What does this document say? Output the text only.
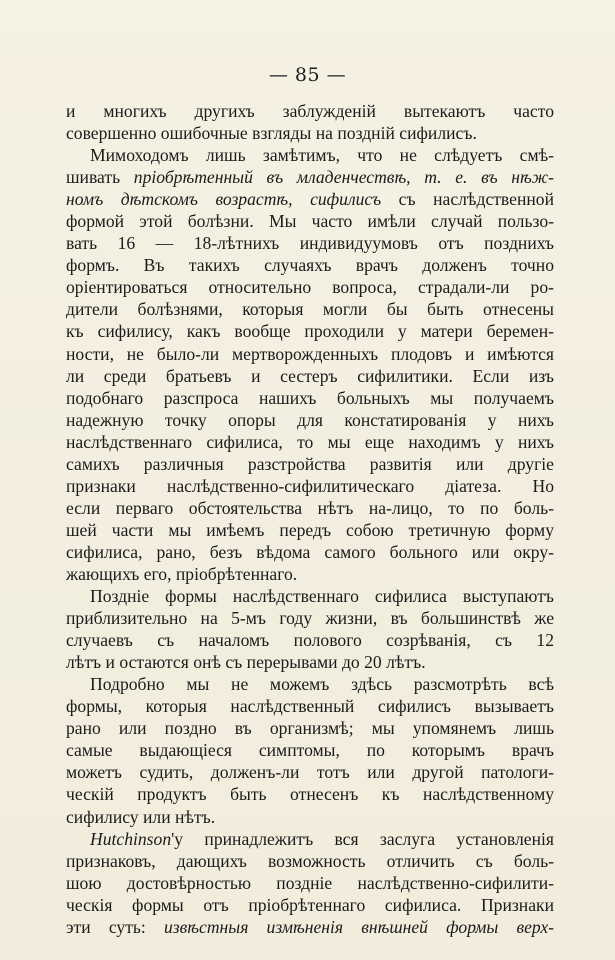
— 85 —
и многихъ другихъ заблужденiй вытекаютъ часто
совершенно ошибочные взгляды на поздній сифилисъ.
Мимоходомъ лишь замѣтимъ, что не слѣдуетъ смѣ-
шивать пріобрѣтенный въ младенчествѣ, т. е. въ нѣж-
номъ дѣтскомъ возрастѣ, сифилисъ съ наслѣдственной
формой этой болѣзни. Мы часто имѣли случай пользо-
вать 16 — 18-лѣтнихъ индивидуумовъ отъ позднихъ
формъ. Въ такихъ случаяхъ врачъ долженъ точно
оріентироваться относительно вопроса, страдали-ли ро-
дители болѣзнями, которыя могли бы быть отнесены
къ сифилису, какъ вообще проходили у матери беремен-
ности, не было-ли мертворожденныхъ плодовъ и имѣются
ли среди братьевъ и сестеръ сифилитики. Если изъ
подобнаго разспроса нашихъ больныхъ мы получаемъ
надежную точку опоры для констатированія у нихъ
наслѣдственнаго сифилиса, то мы еще находимъ у нихъ
самихъ различныя разстройства развитія или другіе
признаки наслѣдственно-сифилитическаго діатеза. Но
если перваго обстоятельства нѣтъ на-лицо, то по боль-
шей части мы имѣемъ передъ собою третичную форму
сифилиса, рано, безъ вѣдома самого больного или окру-
жающихъ его, пріобрѣтеннаго.
Поздніе формы наслѣдственнаго сифилиса выступаютъ
приблизительно на 5-мъ году жизни, въ большинствѣ же
случаевъ съ началомъ полового созрѣванія, съ 12
лѣтъ и остаются онѣ съ перерывами до 20 лѣтъ.
Подробно мы не можемъ здѣсь разсмотрѣть всѣ
формы, которыя наслѣдственный сифилисъ вызываетъ
рано или поздно въ организмѣ; мы упомянемъ лишь
самые выдающіеся симптомы, по которымъ врачъ
можетъ судить, долженъ-ли тотъ или другой патологи-
ческій продуктъ быть отнесенъ къ наслѣдственному
сифилису или нѣтъ.
Hutchinson'у принадлежитъ вся заслуга установленія
признаковъ, дающихъ возможность отличить съ боль-
шою достовѣрностью поздніе наслѣдственно-сифилити-
ческія формы отъ пріобрѣтеннаго сифилиса. Признаки
эти суть: извѣстныя измѣненія внѣшней формы верх-
